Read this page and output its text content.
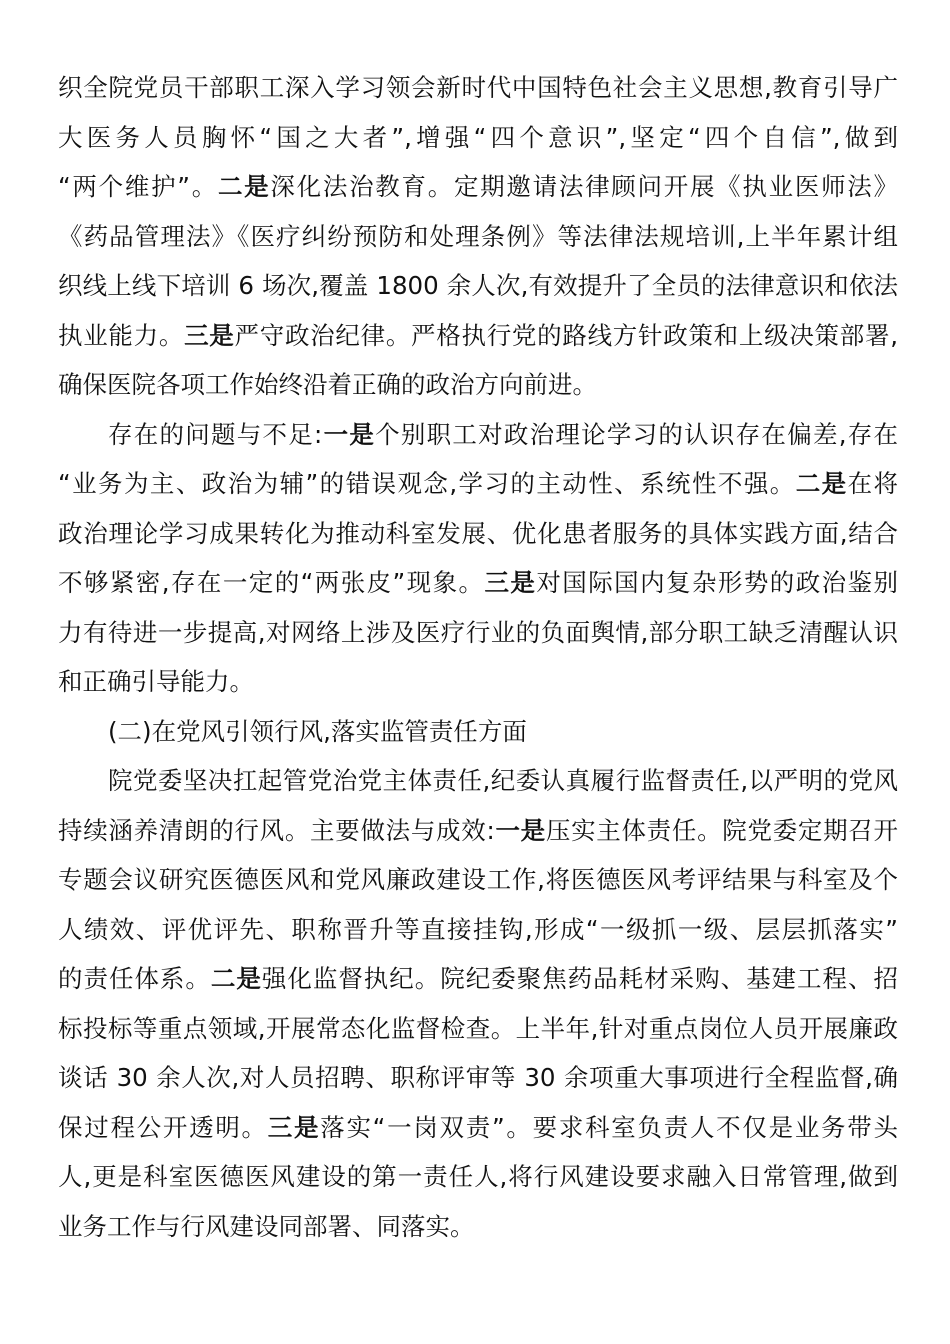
织全院党员干部职工深入学习领会新时代中国特色社会主义思想,教育引导广
大医务人员胸怀“国之大者”,增强“四个意识”,坚定“四个自信”,做到
“两个维护”。二是深化法治教育。定期邀请法律顾问开展《执业医师法》
《药品管理法》《医疗纠纷预防和处理条例》等法律法规培训,上半年累计组
织线上线下培训 6 场次,覆盖 1800 余人次,有效提升了全员的法律意识和依法
执业能力。三是严守政治纪律。严格执行党的路线方针政策和上级决策部署,
确保医院各项工作始终沿着正确的政治方向前进。
存在的问题与不足:一是个别职工对政治理论学习的认识存在偏差,存在
“业务为主、政治为辅”的错误观念,学习的主动性、系统性不强。二是在将
政治理论学习成果转化为推动科室发展、优化患者服务的具体实践方面,结合
不够紧密,存在一定的“两张皮”现象。三是对国际国内复杂形势的政治鉴别
力有待进一步提高,对网络上涉及医疗行业的负面舆情,部分职工缺乏清醒认识
和正确引导能力。
(二)在党风引领行风,落实监管责任方面
院党委坚决扛起管党治党主体责任,纪委认真履行监督责任,以严明的党风
持续涵养清朗的行风。主要做法与成效:一是压实主体责任。院党委定期召开
专题会议研究医德医风和党风廉政建设工作,将医德医风考评结果与科室及个
人绩效、评优评先、职称晋升等直接挂钩,形成“一级抓一级、层层抓落实”
的责任体系。二是强化监督执纪。院纪委聚焦药品耗材采购、基建工程、招
标投标等重点领域,开展常态化监督检查。上半年,针对重点岗位人员开展廉政
谈话 30 余人次,对人员招聘、职称评审等 30 余项重大事项进行全程监督,确
保过程公开透明。三是落实“一岗双责”。要求科室负责人不仅是业务带头
人,更是科室医德医风建设的第一责任人,将行风建设要求融入日常管理,做到
业务工作与行风建设同部署、同落实。
